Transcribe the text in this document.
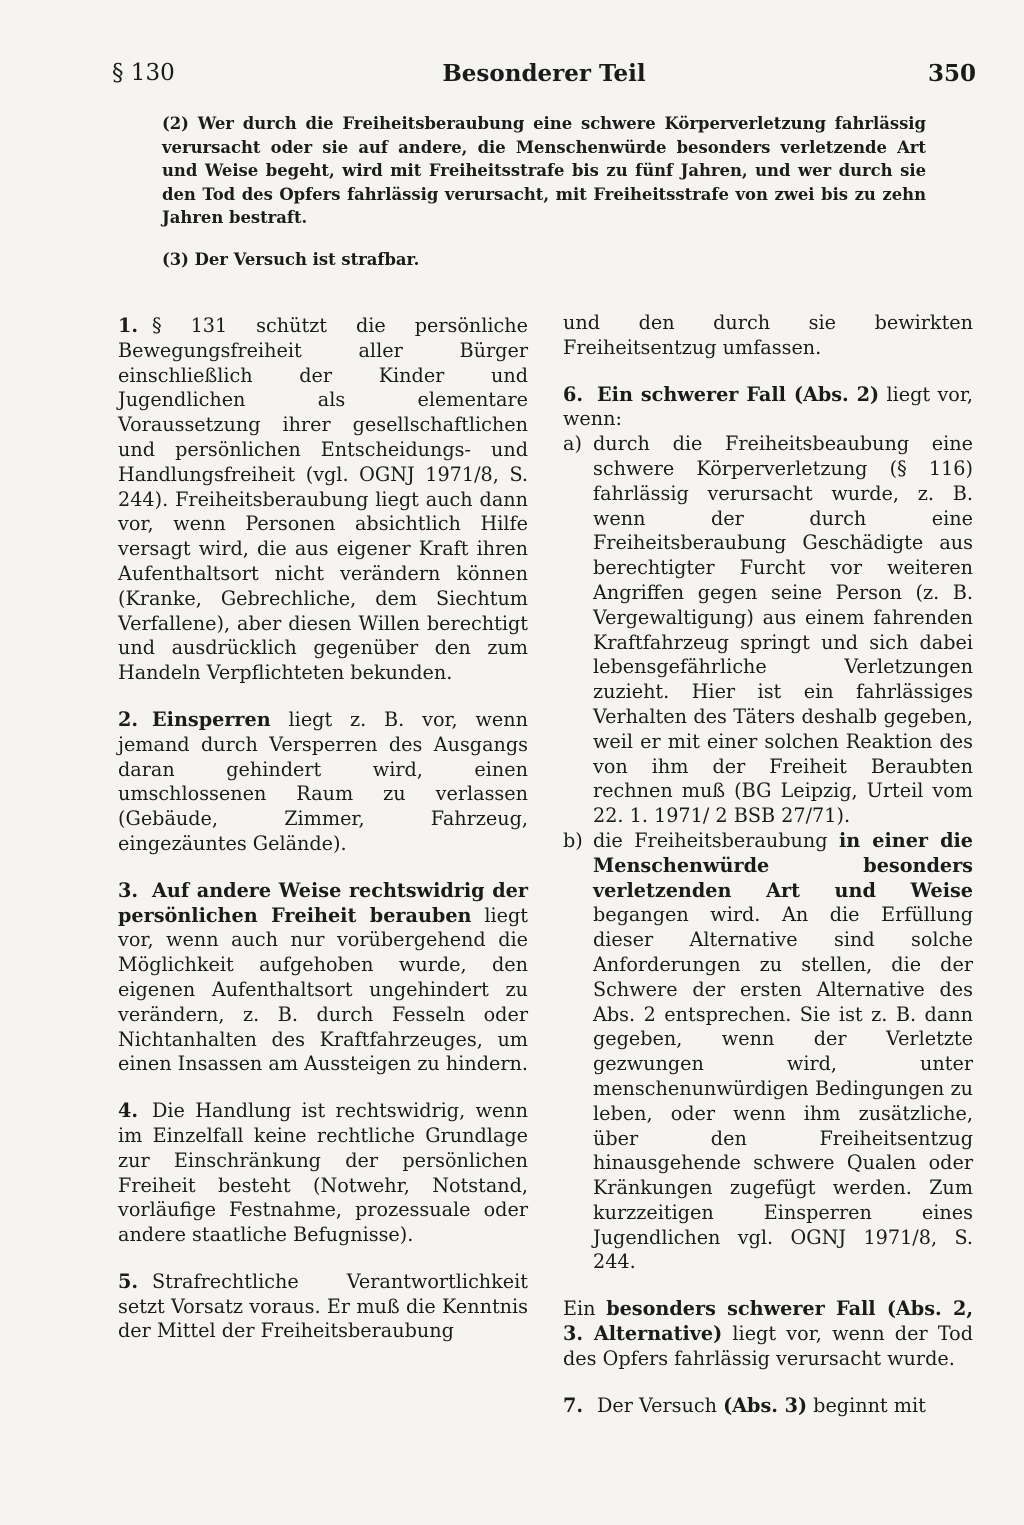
§ 130	Besonderer Teil	350
(2) Wer durch die Freiheitsberaubung eine schwere Körperverletzung fahrlässig verursacht oder sie auf andere, die Menschenwürde besonders verletzende Art und Weise begeht, wird mit Freiheitsstrafe bis zu fünf Jahren, und wer durch sie den Tod des Opfers fahrlässig verursacht, mit Freiheitsstrafe von zwei bis zu zehn Jahren bestraft.
(3) Der Versuch ist strafbar.

1. § 131 schützt die persönliche Bewegungsfreiheit aller Bürger einschließlich der Kinder und Jugendlichen als elementare Voraussetzung ihrer gesellschaftlichen und persönlichen Entscheidungs- und Handlungsfreiheit (vgl. OGNJ 1971/8, S. 244). Freiheitsberaubung liegt auch dann vor, wenn Personen absichtlich Hilfe versagt wird, die aus eigener Kraft ihren Aufenthaltsort nicht verändern können (Kranke, Gebrechliche, dem Siechtum Verfallene), aber diesen Willen berechtigt und ausdrücklich gegenüber den zum Handeln Verpflichteten bekunden.

2. Einsperren liegt z. B. vor, wenn jemand durch Versperren des Ausgangs daran gehindert wird, einen umschlossenen Raum zu verlassen (Gebäude, Zimmer, Fahrzeug, eingezäuntes Gelände).

3. Auf andere Weise rechtswidrig der persönlichen Freiheit berauben liegt vor, wenn auch nur vorübergehend die Möglichkeit aufgehoben wurde, den eigenen Aufenthaltsort ungehindert zu verändern, z. B. durch Fesseln oder Nichtanhalten des Kraftfahrzeuges, um einen Insassen am Aussteigen zu hindern.

4. Die Handlung ist rechtswidrig, wenn im Einzelfall keine rechtliche Grundlage zur Einschränkung der persönlichen Freiheit besteht (Notwehr, Notstand, vorläufige Festnahme, prozessuale oder andere staatliche Befugnisse).

5. Strafrechtliche Verantwortlichkeit setzt Vorsatz voraus. Er muß die Kenntnis der Mittel der Freiheitsberaubung

und den durch sie bewirkten Freiheitsentzug umfassen.

6. Ein schwerer Fall (Abs. 2) liegt vor, wenn:

a) durch die Freiheitsbeaubung eine schwere Körperverletzung (§ 116) fahrlässig verursacht wurde, z. B. wenn der durch eine Freiheitsberaubung Geschädigte aus berechtigter Furcht vor weiteren Angriffen gegen seine Person (z. B. Vergewaltigung) aus einem fahrenden Kraftfahrzeug springt und sich dabei lebensgefährliche Verletzungen zuzieht. Hier ist ein fahrlässiges Verhalten des Täters deshalb gegeben, weil er mit einer solchen Reaktion des von ihm der Freiheit Beraubten rechnen muß (BG Leipzig, Urteil vom 22. 1. 1971/ 2 BSB 27/71).
b) die Freiheitsberaubung in einer die Menschenwürde besonders verletzenden Art und Weise begangen wird. An die Erfüllung dieser Alternative sind solche Anforderungen zu stellen, die der Schwere der ersten Alternative des Abs. 2 entsprechen. Sie ist z. B. dann gegeben, wenn der Verletzte gezwungen wird, unter menschenunwürdigen Bedingungen zu leben, oder wenn ihm zusätzliche, über den Freiheitsentzug hinausgehende schwere Qualen oder Kränkungen zugefügt werden. Zum kurzzeitigen Einsperren eines Jugendlichen vgl. OGNJ 1971/8, S. 244.

Ein besonders schwerer Fall (Abs. 2, 3. Alternative) liegt vor, wenn der Tod des Opfers fahrlässig verursacht wurde.

7. Der Versuch (Abs. 3) beginnt mit
